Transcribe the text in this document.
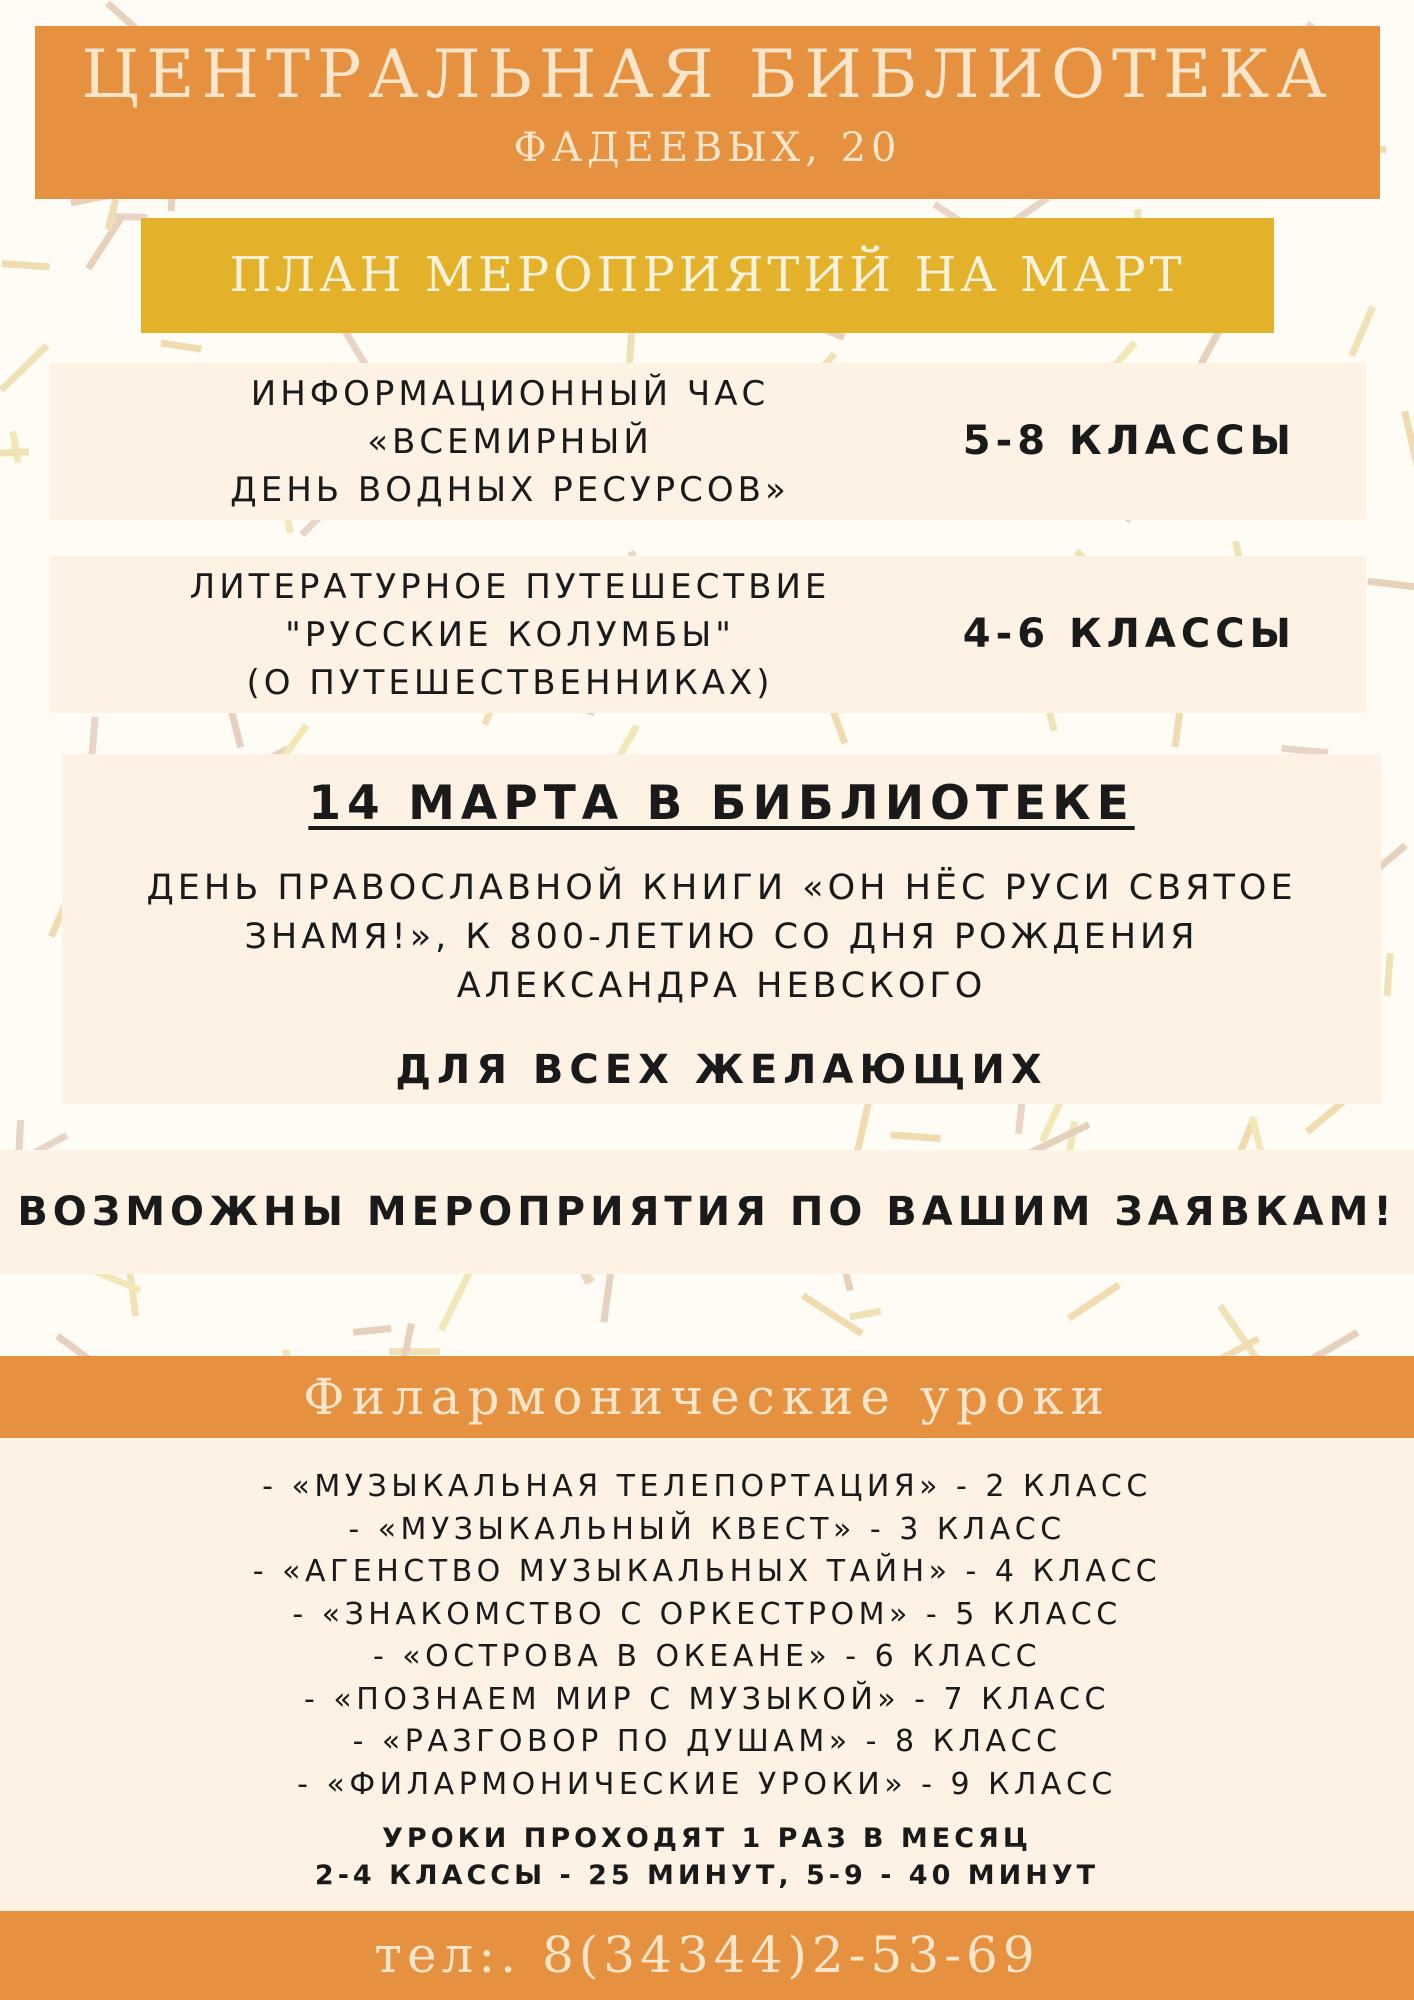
ЦЕНТРАЛЬНАЯ БИБЛИОТЕКА
ФАДЕЕВЫХ, 20
ПЛАН МЕРОПРИЯТИЙ НА МАРТ
ИНФОРМАЦИОННЫЙ ЧАС
«ВСЕМИРНЫЙ
ДЕНЬ ВОДНЫХ РЕСУРСОВ»
5-8 КЛАССЫ
ЛИТЕРАТУРНОЕ ПУТЕШЕСТВИЕ
"РУССКИЕ КОЛУМБЫ"
(О ПУТЕШЕСТВЕННИКАХ)
4-6 КЛАССЫ
14 МАРТА В БИБЛИОТЕКЕ
ДЕНЬ ПРАВОСЛАВНОЙ КНИГИ «ОН НЁС РУСИ СВЯТОЕ
ЗНАМЯ!», К 800-ЛЕТИЮ СО ДНЯ РОЖДЕНИЯ
АЛЕКСАНДРА НЕВСКОГО
ДЛЯ ВСЕХ ЖЕЛАЮЩИХ
ВОЗМОЖНЫ МЕРОПРИЯТИЯ ПО ВАШИМ ЗАЯВКАМ!
Филармонические уроки
- «МУЗЫКАЛЬНАЯ ТЕЛЕПОРТАЦИЯ» - 2 КЛАСС
- «МУЗЫКАЛЬНЫЙ КВЕСТ» - 3 КЛАСС
- «АГЕНСТВО МУЗЫКАЛЬНЫХ ТАЙН» - 4 КЛАСС
- «ЗНАКОМСТВО С ОРКЕСТРОМ» - 5 КЛАСС
- «ОСТРОВА В ОКЕАНЕ» - 6 КЛАСС
- «ПОЗНАЕМ МИР С МУЗЫКОЙ» - 7 КЛАСС
- «РАЗГОВОР ПО ДУШАМ» - 8 КЛАСС
- «ФИЛАРМОНИЧЕСКИЕ УРОКИ» - 9 КЛАСС
УРОКИ ПРОХОДЯТ 1 РАЗ В МЕСЯЦ
2-4 КЛАССЫ - 25 МИНУТ, 5-9 - 40 МИНУТ
тел:. 8(34344)2-53-69
